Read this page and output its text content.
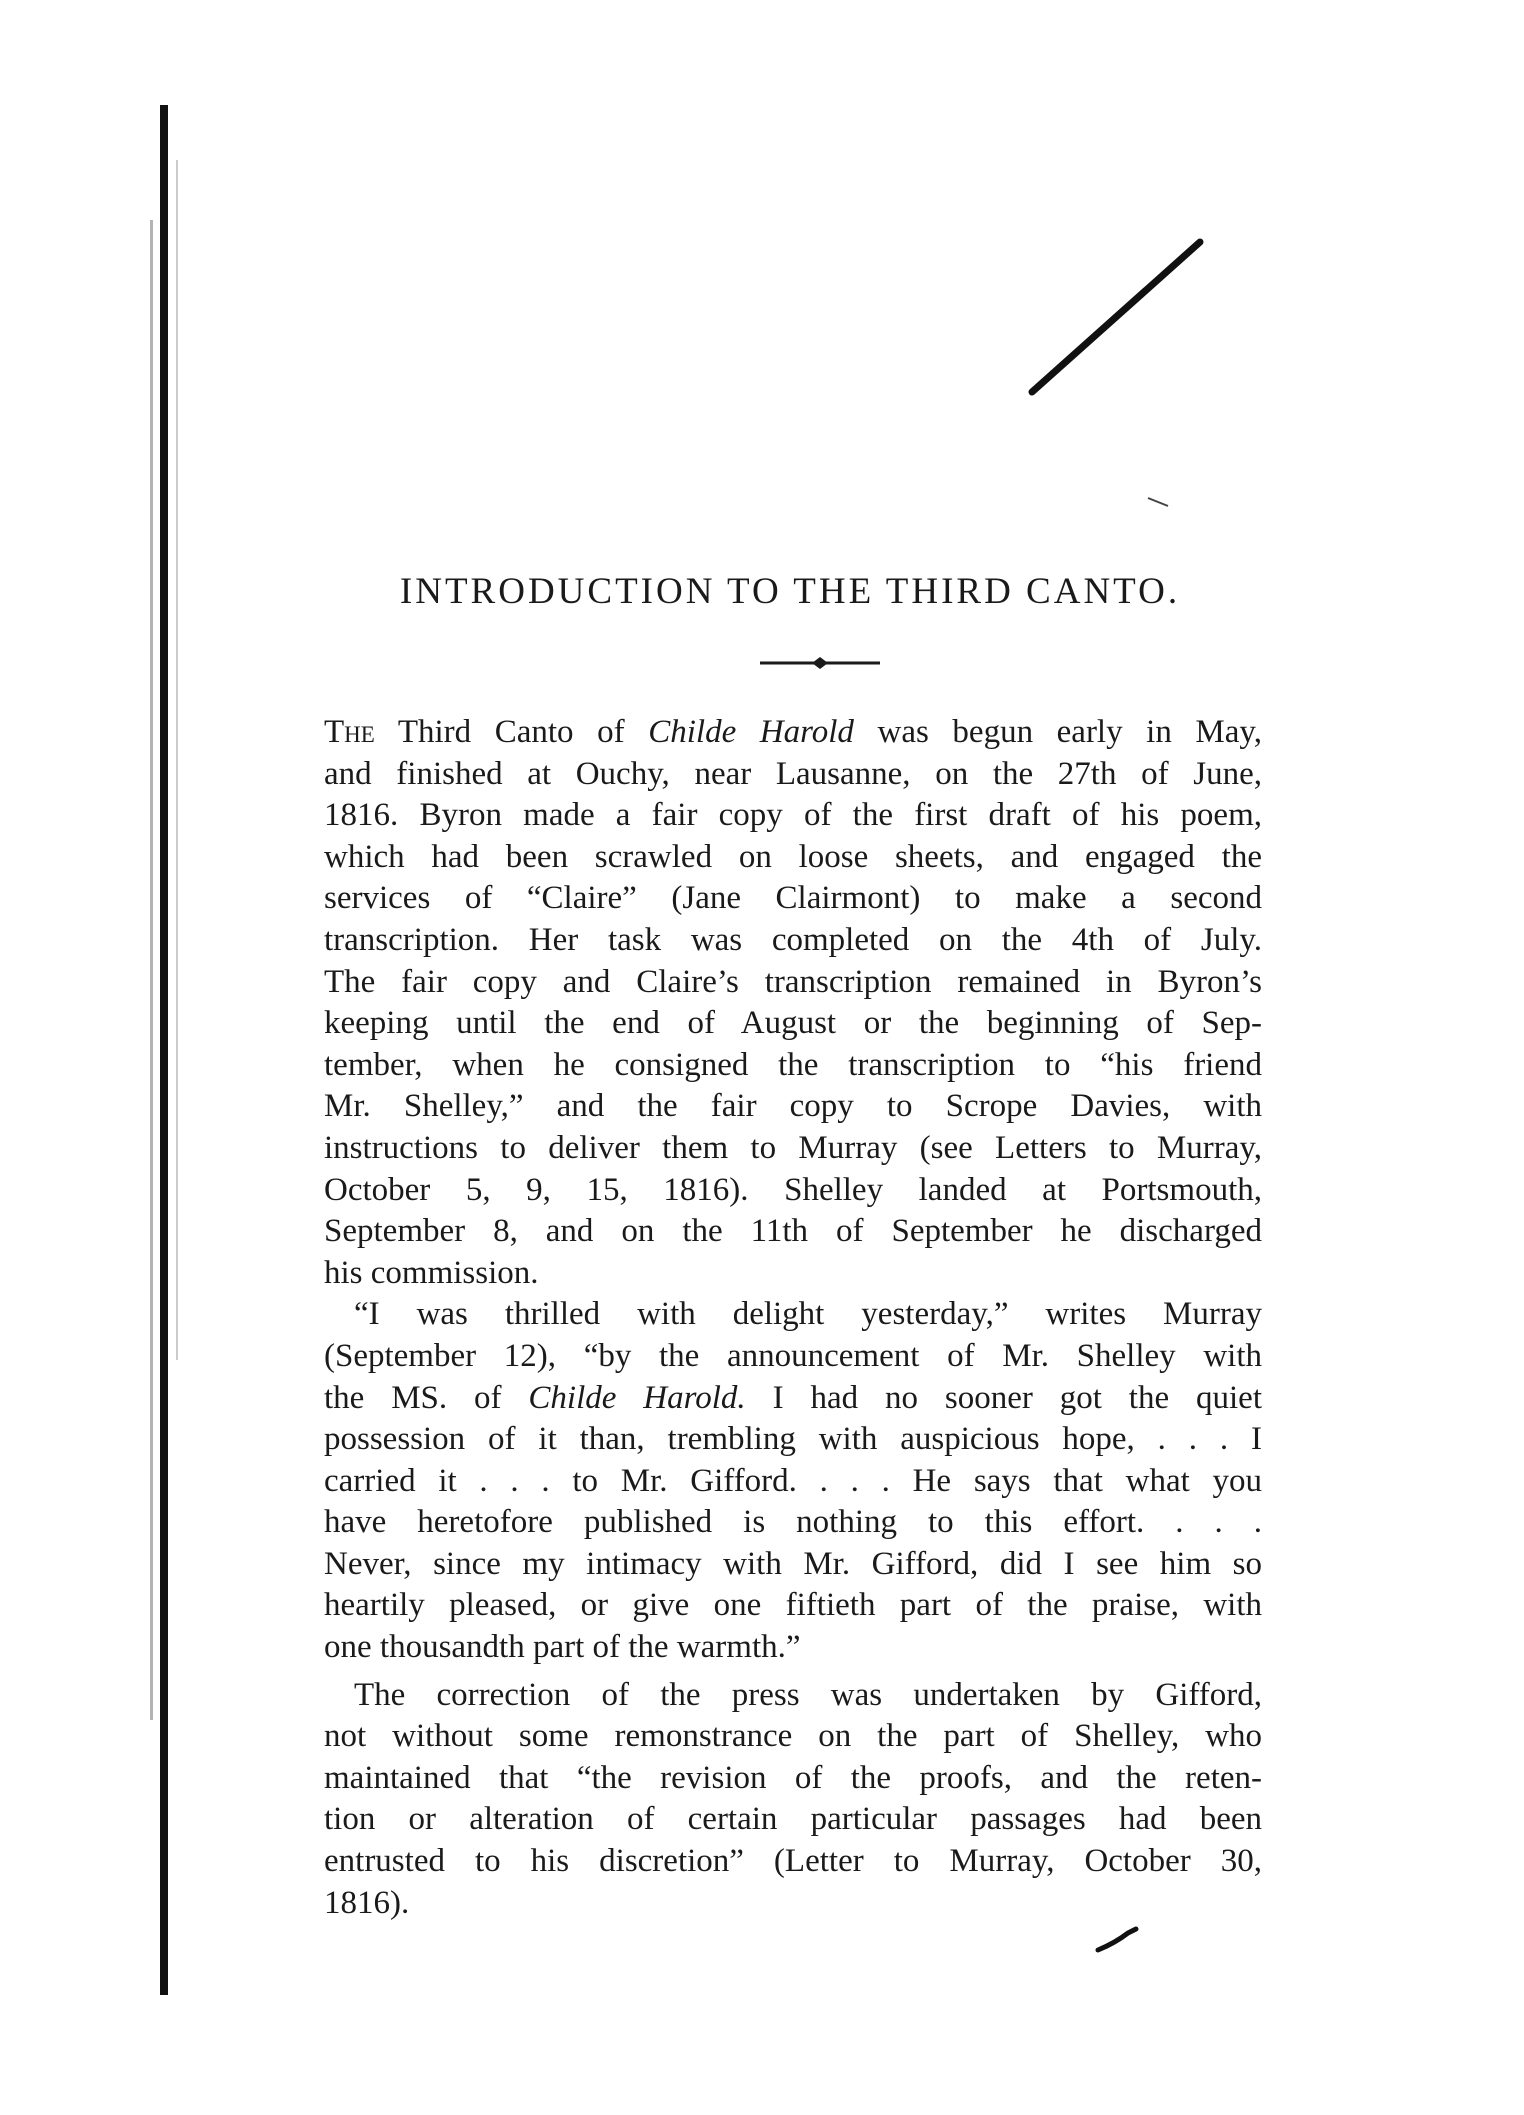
INTRODUCTION TO THE THIRD CANTO.
The Third Canto of Childe Harold was begun early in May,
and finished at Ouchy, near Lausanne, on the 27th of June,
1816. Byron made a fair copy of the first draft of his poem,
which had been scrawled on loose sheets, and engaged the
services of “Claire” (Jane Clairmont) to make a second
transcription. Her task was completed on the 4th of July.
The fair copy and Claire’s transcription remained in Byron’s
keeping until the end of August or the beginning of Sep-
tember, when he consigned the transcription to “his friend
Mr. Shelley,” and the fair copy to Scrope Davies, with
instructions to deliver them to Murray (see Letters to Murray,
October 5, 9, 15, 1816). Shelley landed at Portsmouth,
September 8, and on the 11th of September he discharged
his commission.
“I was thrilled with delight yesterday,” writes Murray
(September 12), “by the announcement of Mr. Shelley with
the MS. of Childe Harold. I had no sooner got the quiet
possession of it than, trembling with auspicious hope, . . . I
carried it . . . to Mr. Gifford. . . . He says that what you
have heretofore published is nothing to this effort. . . .
Never, since my intimacy with Mr. Gifford, did I see him so
heartily pleased, or give one fiftieth part of the praise, with
one thousandth part of the warmth.”
The correction of the press was undertaken by Gifford,
not without some remonstrance on the part of Shelley, who
maintained that “the revision of the proofs, and the reten-
tion or alteration of certain particular passages had been
entrusted to his discretion” (Letter to Murray, October 30,
1816).
